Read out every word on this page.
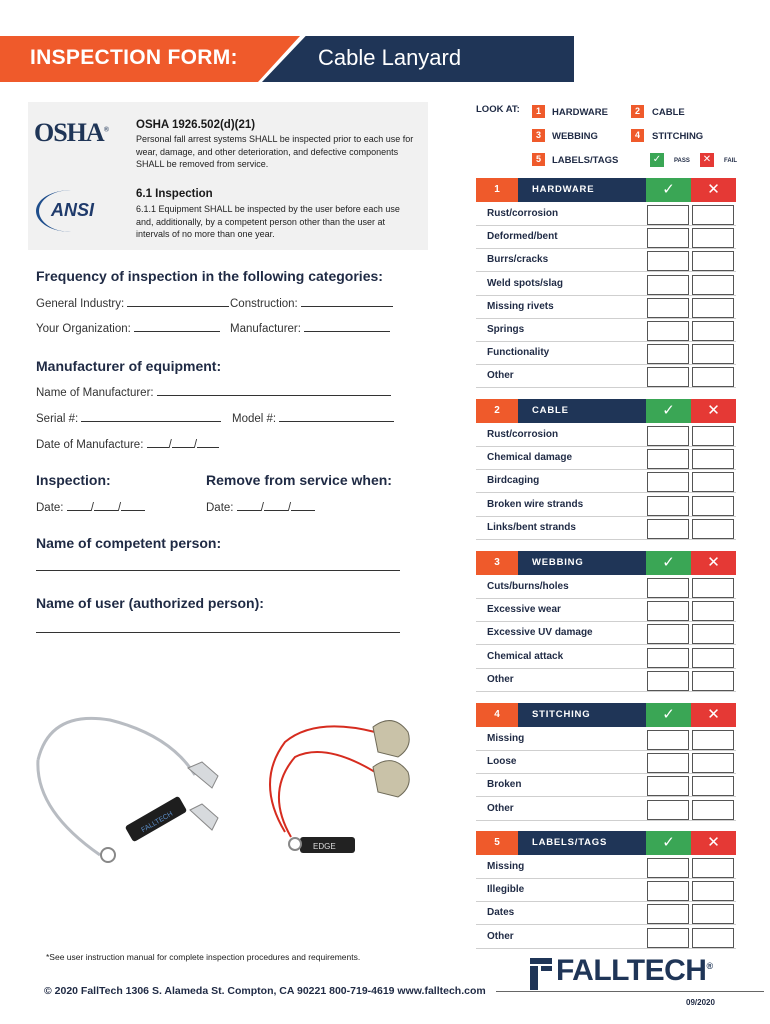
INSPECTION FORM:	Cable Lanyard
OSHA® OSHA 1926.502(d)(21)
Personal fall arrest systems SHALL be inspected prior to each use for wear, damage, and other deterioration, and defective components SHALL be removed from service.
ANSI
6.1 Inspection
6.1.1 Equipment SHALL be inspected by the user before each use and, additionally, by a competent person other than the user at intervals of no more than one year.
Frequency of inspection in the following categories:
General Industry:	Construction:
Your Organization:	Manufacturer:
Manufacturer of equipment:
Name of Manufacturer:
Serial #:	Model #:
Date of Manufacture: / /
Inspection:	Remove from service when:
Date: / /	Date: / /
Name of competent person:
Name of user (authorized person):
FALLTECH
EDGE
LOOK AT:	1	HARDWARE	2	CABLE
3	WEBBING	4	STITCHING
5	LABELS/TAGS	✓	PASS ✕	FAIL
1	HARDWARE	✓	✕
Rust/corrosion
Deformed/bent
Burrs/cracks
Weld spots/slag
Missing rivets
Springs
Functionality
Other
2	CABLE	✓	✕
Rust/corrosion
Chemical damage
Birdcaging
Broken wire strands
Links/bent strands
3	WEBBING	✓	✕
Cuts/burns/holes
Excessive wear
Excessive UV damage
Chemical attack
Other
4	STITCHING	✓	✕
Missing
Loose
Broken
Other
5	LABELS/TAGS	✓	✕
Missing
Illegible
Dates
Other
*See user instruction manual for complete inspection procedures and requirements.
© 2020 FallTech 1306 S. Alameda St. Compton, CA 90221 800-719-4619 www.falltech.com
FALLTECH®
09/2020
